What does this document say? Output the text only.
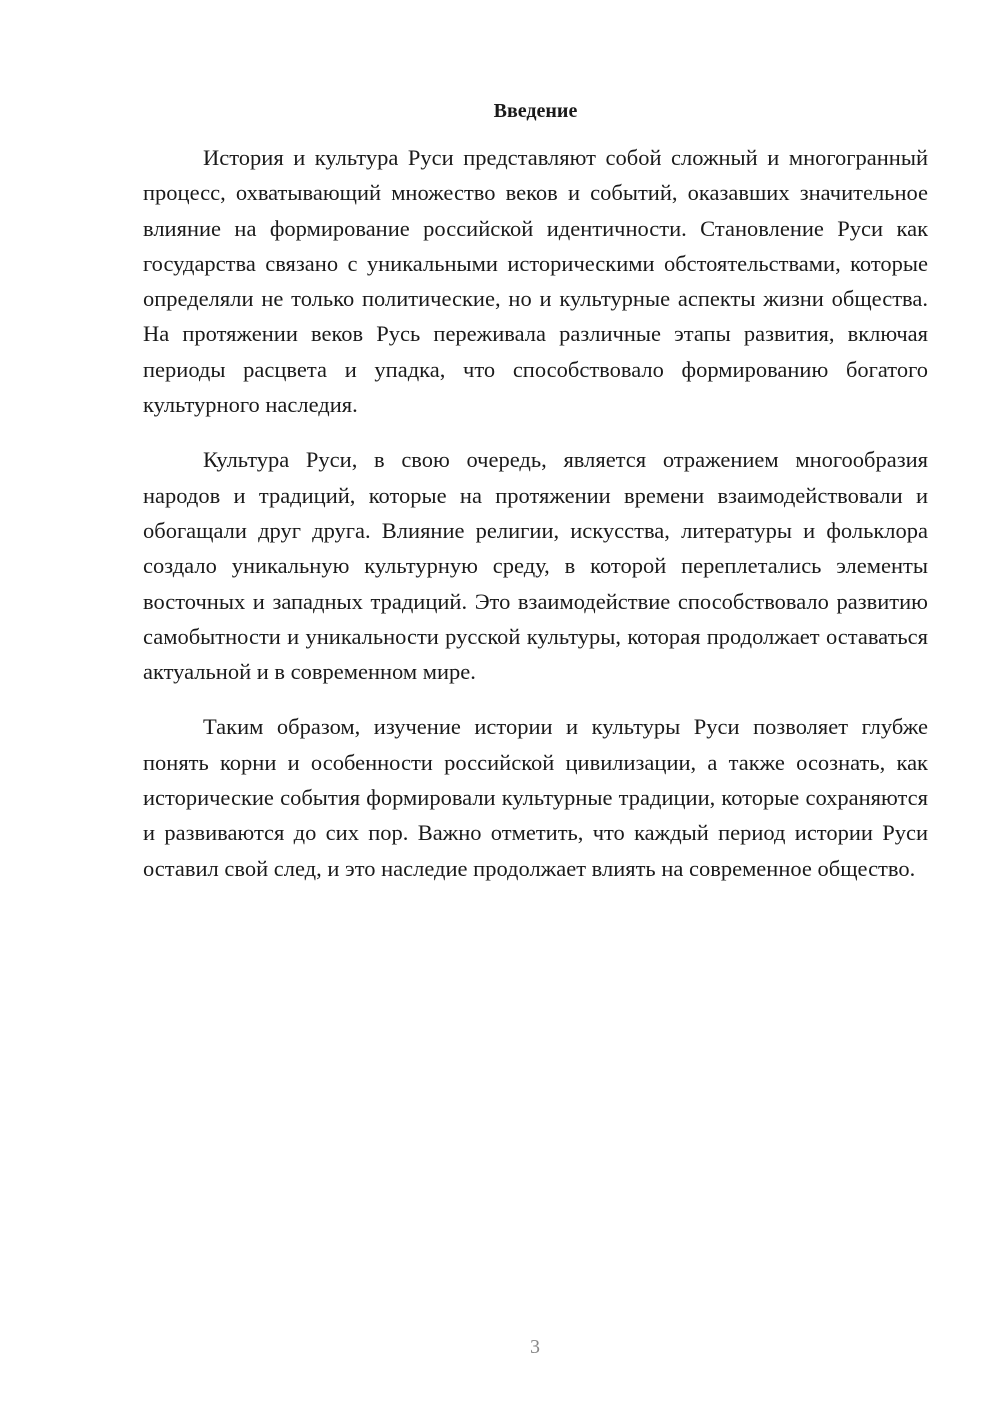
Введение

История и культура Руси представляют собой сложный и многогранный процесс, охватывающий множество веков и событий, оказавших значительное влияние на формирование российской идентичности. Становление Руси как государства связано с уникальными историческими обстоятельствами, которые определяли не только политические, но и культурные аспекты жизни общества. На протяжении веков Русь переживала различные этапы развития, включая периоды расцвета и упадка, что способствовало формированию богатого культурного наследия.

Культура Руси, в свою очередь, является отражением многообразия народов и традиций, которые на протяжении времени взаимодействовали и обогащали друг друга. Влияние религии, искусства, литературы и фольклора создало уникальную культурную среду, в которой переплетались элементы восточных и западных традиций. Это взаимодействие способствовало развитию самобытности и уникальности русской культуры, которая продолжает оставаться актуальной и в современном мире.

Таким образом, изучение истории и культуры Руси позволяет глубже понять корни и особенности российской цивилизации, а также осознать, как исторические события формировали культурные традиции, которые сохраняются и развиваются до сих пор. Важно отметить, что каждый период истории Руси оставил свой след, и это наследие продолжает влиять на современное общество.

3
